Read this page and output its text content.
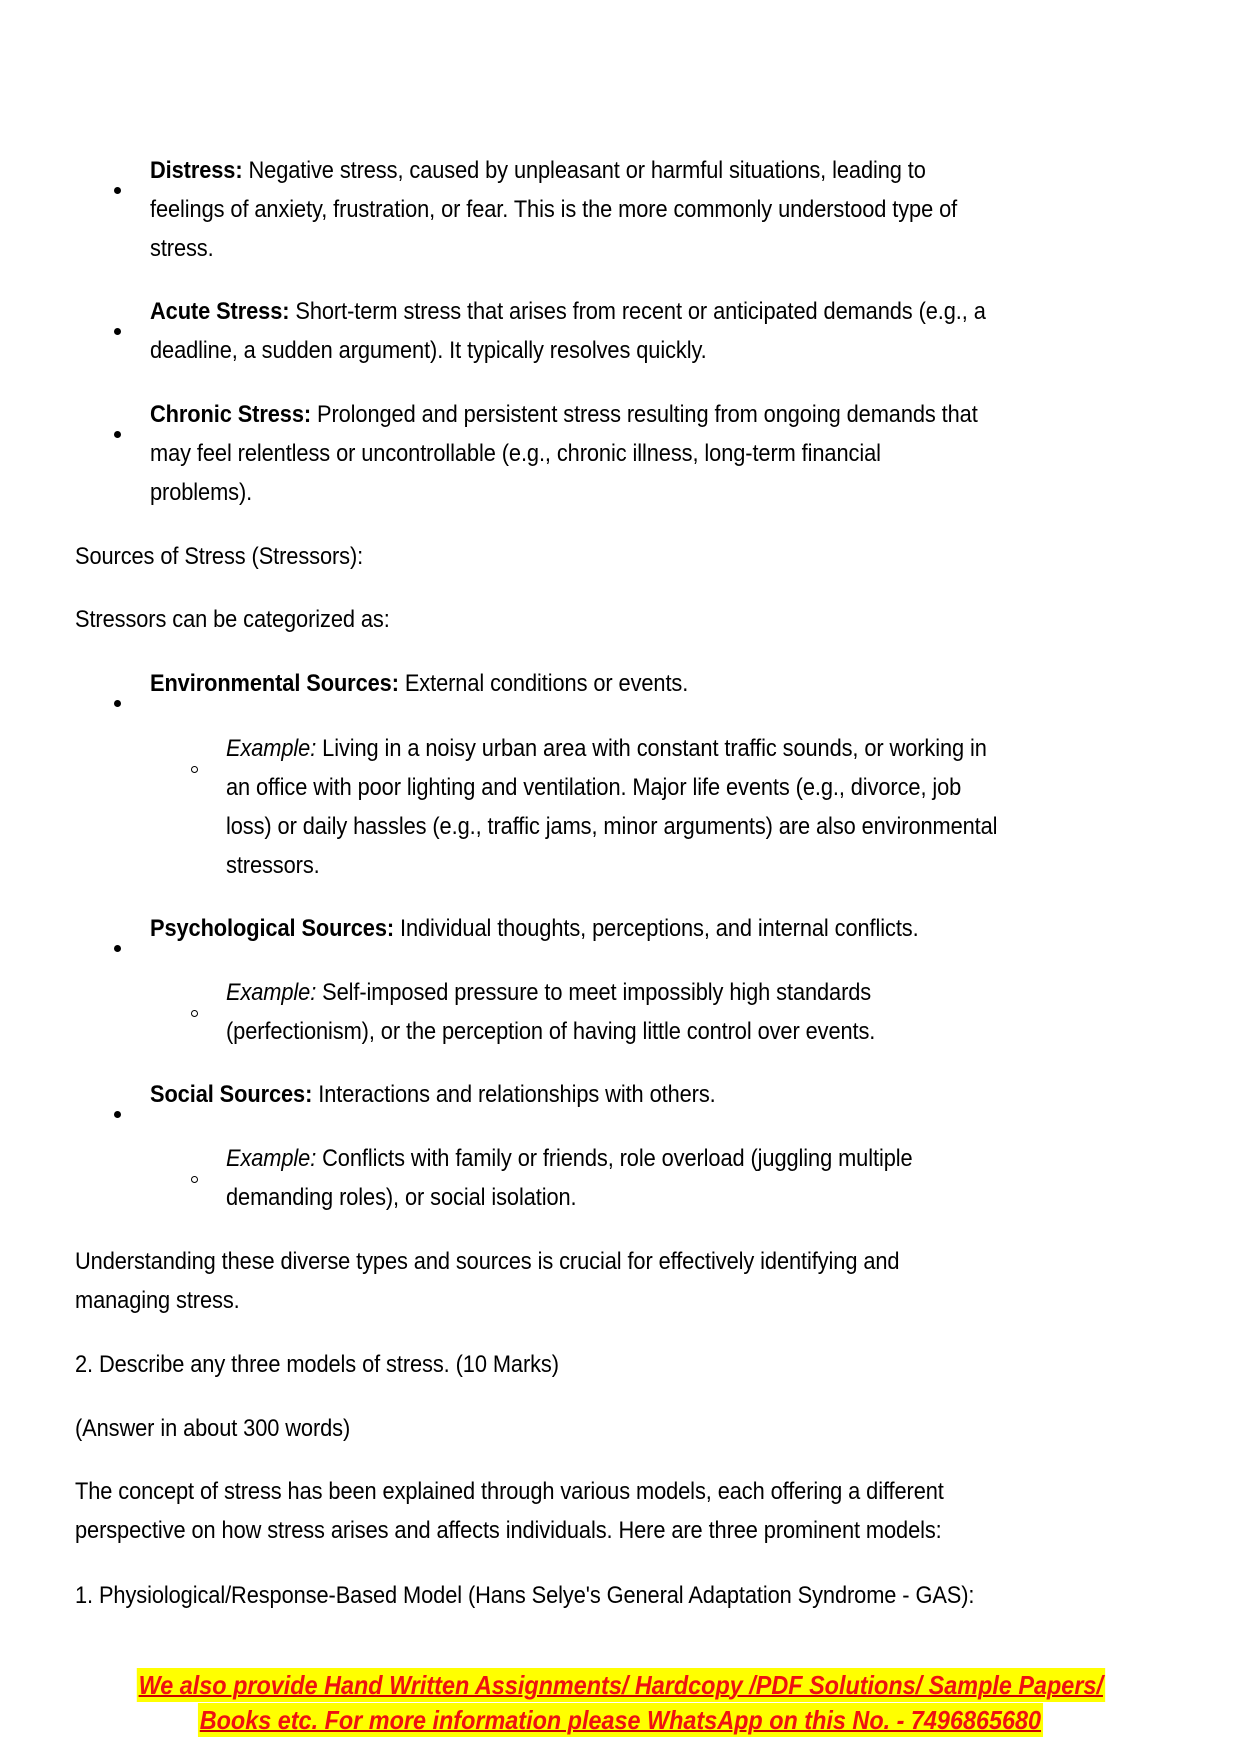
Distress: Negative stress, caused by unpleasant or harmful situations, leading to
feelings of anxiety, frustration, or fear. This is the more commonly understood type of
stress.
Acute Stress: Short-term stress that arises from recent or anticipated demands (e.g., a
deadline, a sudden argument). It typically resolves quickly.
Chronic Stress: Prolonged and persistent stress resulting from ongoing demands that
may feel relentless or uncontrollable (e.g., chronic illness, long-term financial
problems).
Sources of Stress (Stressors):
Stressors can be categorized as:
Environmental Sources: External conditions or events.
Example: Living in a noisy urban area with constant traffic sounds, or working in
an office with poor lighting and ventilation. Major life events (e.g., divorce, job
loss) or daily hassles (e.g., traffic jams, minor arguments) are also environmental
stressors.
Psychological Sources: Individual thoughts, perceptions, and internal conflicts.
Example: Self-imposed pressure to meet impossibly high standards
(perfectionism), or the perception of having little control over events.
Social Sources: Interactions and relationships with others.
Example: Conflicts with family or friends, role overload (juggling multiple
demanding roles), or social isolation.
Understanding these diverse types and sources is crucial for effectively identifying and
managing stress.
2. Describe any three models of stress. (10 Marks)
(Answer in about 300 words)
The concept of stress has been explained through various models, each offering a different
perspective on how stress arises and affects individuals. Here are three prominent models:
1. Physiological/Response-Based Model (Hans Selye's General Adaptation Syndrome - GAS):
We also provide Hand Written Assignments/ Hardcopy /PDF Solutions/ Sample Papers/
Books etc. For more information please WhatsApp on this No. - 7496865680
